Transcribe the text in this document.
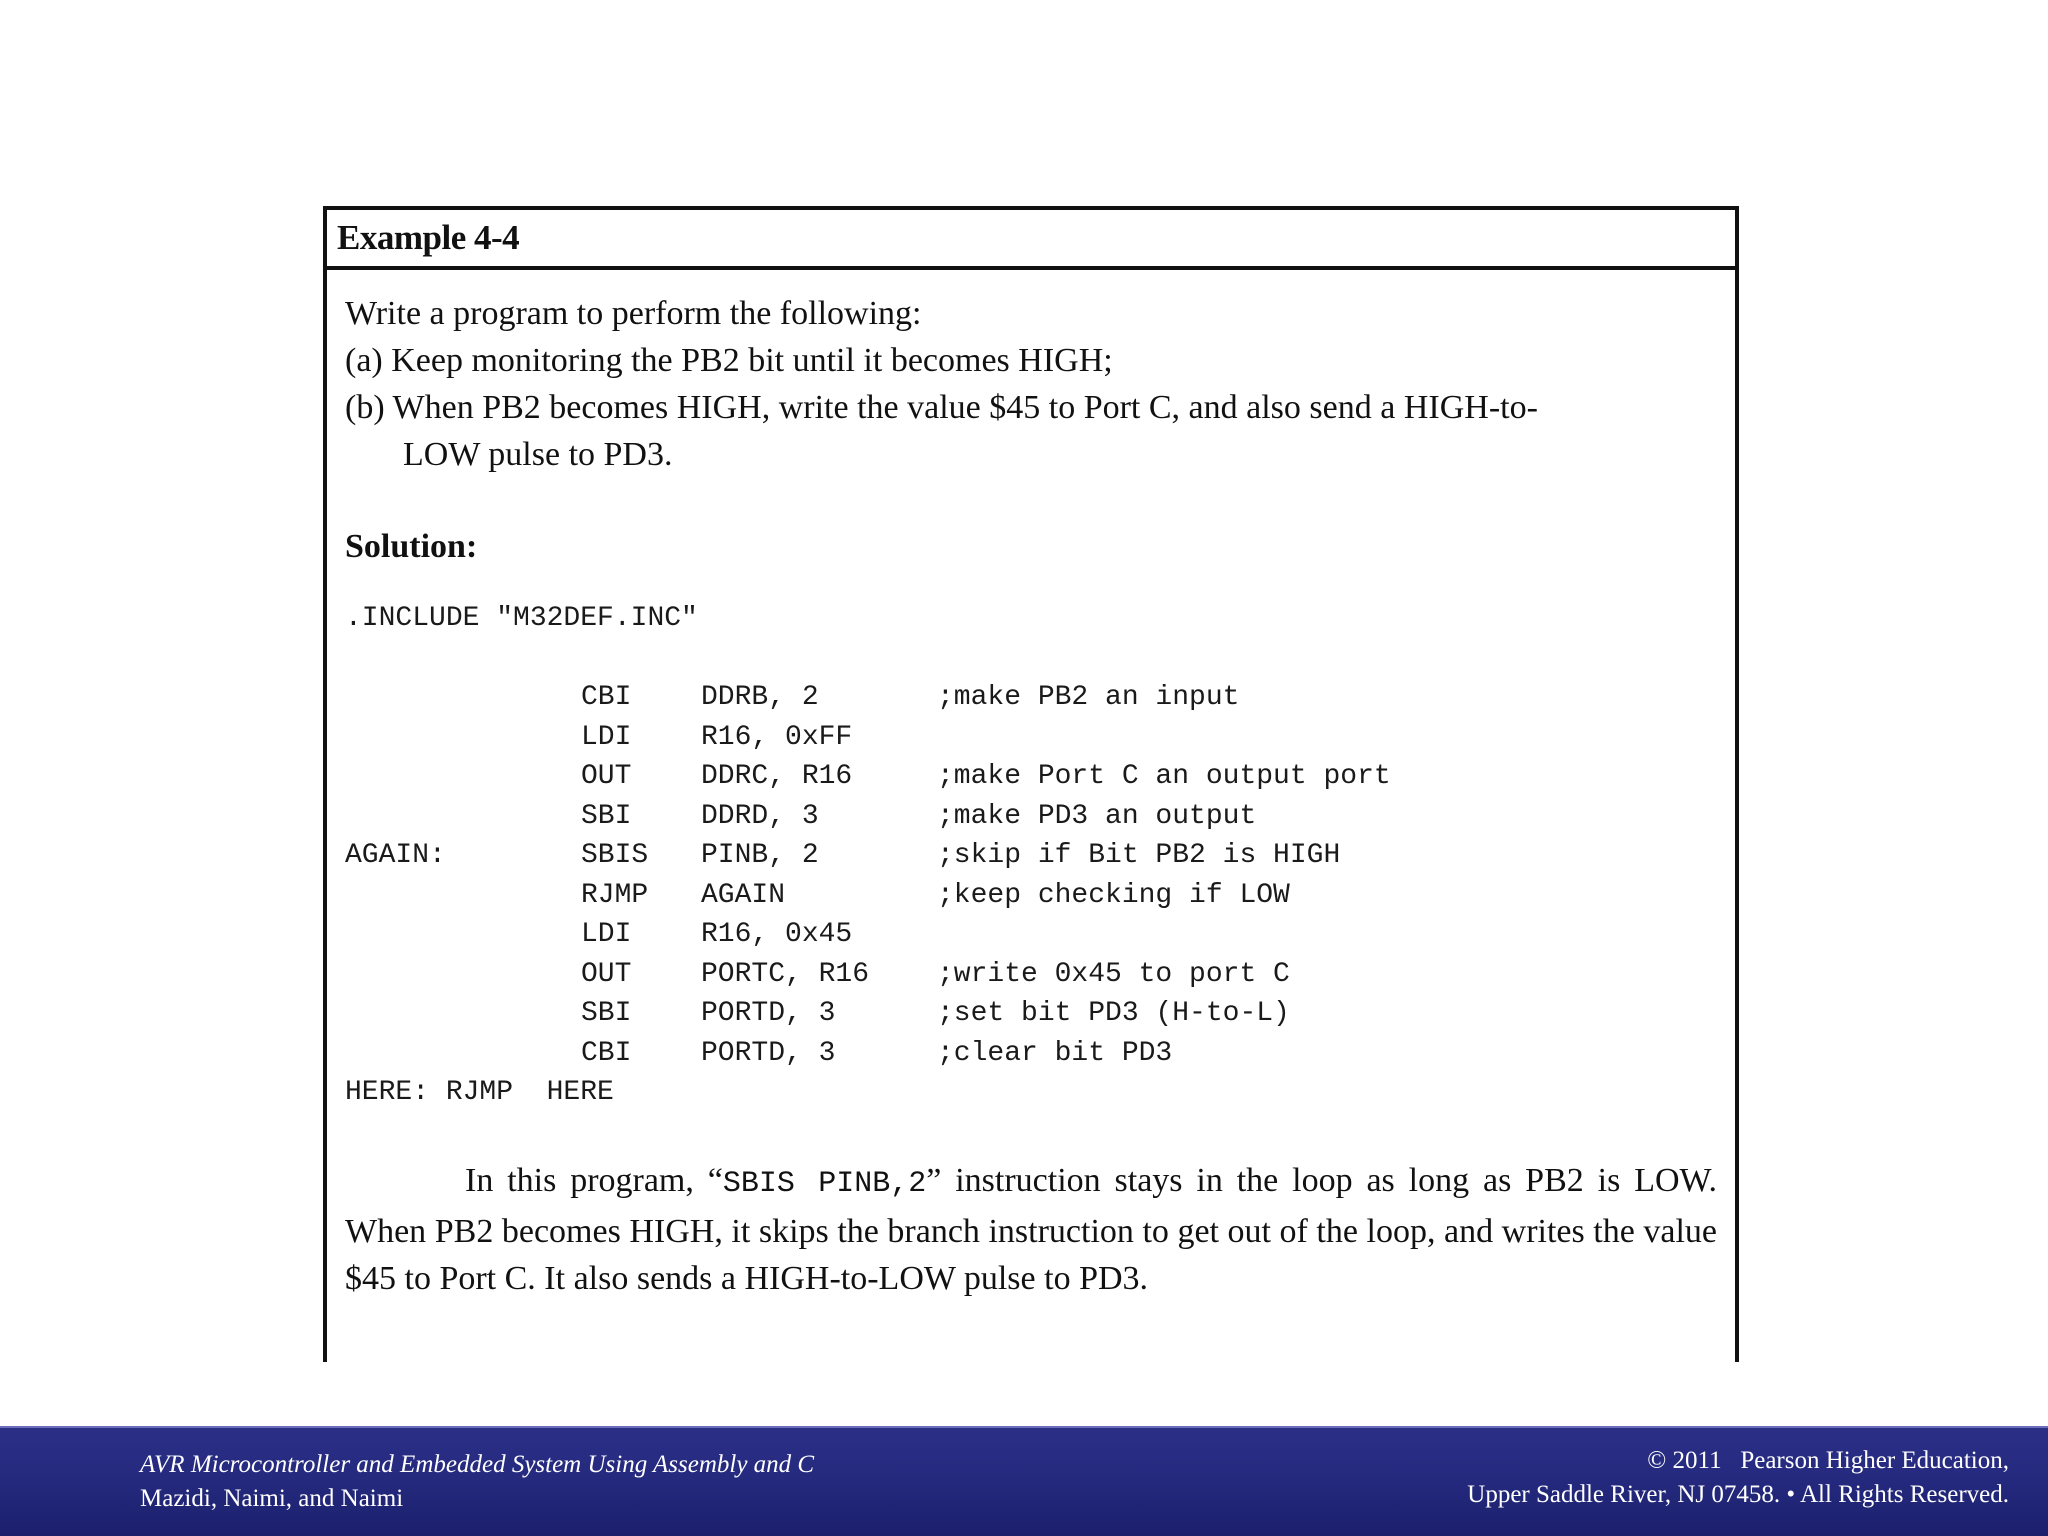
Example 4-4

Write a program to perform the following:

(a) Keep monitoring the PB2 bit until it becomes HIGH;

(b) When PB2 becomes HIGH, write the value $45 to Port C, and also send a HIGH-to-

LOW pulse to PD3.

Solution:
.INCLUDE "M32DEF.INC"
	CBI	DDRB, 2	;make PB2 an input
	LDI	R16, 0xFF	
	OUT	DDRC, R16	;make Port C an output port
	SBI	DDRD, 3	;make PD3 an output
AGAIN:	SBIS	PINB, 2	;skip if Bit PB2 is HIGH
	RJMP	AGAIN	;keep checking if LOW
	LDI	R16, 0x45	
	OUT	PORTC, R16	;write 0x45 to port C
	SBI	PORTD, 3	;set bit PD3 (H-to-L)
	CBI	PORTD, 3	;clear bit PD3
HERE: RJMP  HERE

In this program, “SBIS PINB,2” instruction stays in the loop as long as PB2 is LOW. When PB2 becomes HIGH, it skips the branch instruction to get out of the loop, and writes the value $45 to Port C. It also sends a HIGH-to-LOW pulse to PD3.

AVR Microcontroller and Embedded System Using Assembly and C
Mazidi, Naimi, and Naimi
© 2011   Pearson Higher Education,
Upper Saddle River, NJ 07458. • All Rights Reserved.
